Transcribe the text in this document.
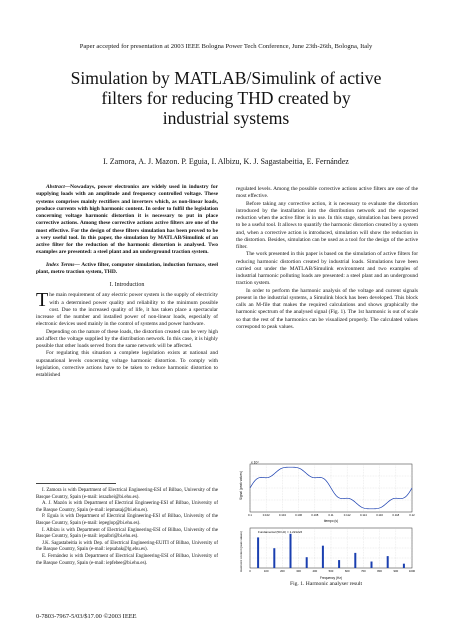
Paper accepted for presentation at 2003 IEEE Bologna Power Tech Conference, June 23th-26th, Bologna, Italy
Simulation by MATLAB/Simulink of active
filters for reducing THD created by
industrial systems
I. Zamora, A. J. Mazon. P. Eguia, I. Albizu, K. J. Sagastabeitia, E. Fernández

Abstract—Nowadays, power electronics are widely used in industry for supplying loads with an amplitude and frequency controlled voltage. These systems comprises mainly rectifiers and inverters which, as non-linear loads, produce currents with high harmonic content. In order to fulfil the legislation concerning voltage harmonic distortion it is necessary to put in place corrective actions. Among these corrective actions active filters are one of the most effective. For the design of these filters simulation has been proved to be a very useful tool. In this paper, the simulation by MATLAB/Simulink of an active filter for the reduction of the harmonic distortion is analysed. Two examples are presented: a steel plant and an underground traction system.

Index Terms— Active filter, computer simulation, induction furnace, steel plant, metro traction system, THD.

I. Introduction

The main requirement of any electric power system is the supply of electricity with a determined power quality and reliability to the minimum possible cost. Due to the increased quality of life, it has taken place a spectacular increase of the number and installed power of non-linear loads, especially of electronic devices used mainly in the control of systems and power hardware.

Depending on the nature of these loads, the distortion created can be very high and affect the voltage supplied by the distribution network. In this case, it is highly possible that other loads served from the same network will be affected.

For regulating this situation a complete legislation exists at national and supranational levels concerning voltage harmonic distortion. To comply with legislation, corrective actions have to be taken to reduce harmonic distortion to established

I. Zamora is with Department of Electrical Engineering-ESI of Bilbao, University of the Basque Country, Spain (e-mail: iezazhei@bi.ehu.es).

A. J. Mazón is with Department of Electrical Engineering-ESI of Bilbao, University of the Basque Country, Spain (e-mail: iepmasaj@bi.ehu.es).

P. Eguía is with Department of Electrical Engineering-ESI of Bilbao, University of the Basque Country, Spain (e-mail: iepeglop@bi.ehu.es).

I. Albizu is with Department of Electrical Engineering-ESI of Bilbao, University of the Basque Country, Spain (e-mail: iepalbri@bi.ehu.es).

J.K. Sagastabeitia is with Dep. of Electrical Engineering-EUITI of Bilbao, University of the Basque Country, Spain (e-mail: iepsabak@lg.ehu.es).

E. Fernández is with Department of Electrical Engineering-ESI of Bilbao, University of the Basque Country, Spain (e-mail: iepfebee@bi.ehu.es).

0-7803-7967-5/03/$17.00 ©2003 IEEE

regulated levels. Among the possible corrective actions active filters are one of the most effective.

Before taking any corrective action, it is necessary to evaluate the distortion introduced by the installation into the distribution network and the expected reduction when the active filter is in use. In this stage, simulation has been proved to be a useful tool. It allows to quantify the harmonic distortion created by a system and, when a corrective action is introduced, simulation will show the reduction in the distortion. Besides, simulation can be used as a tool for the design of the active filter.

The work presented in this paper is based on the simulation of active filters for reducing harmonic distortion created by industrial loads. Simulations have been carried out under the MATLAB/Simulink environment and two examples of industrial harmonic polluting loads are presented: a steel plant and an underground traction system.

In order to perform the harmonic analysis of the voltage and current signals present in the industrial systems, a Simulink block has been developed. This block calls an M-file that makes the required calculations and shows graphically the harmonic spectrum of the analysed signal (Fig. 1). The 1st harmonic is out of scale so that the rest of the harmonics can be visualized properly. The calculated values correspond to peak values.

x 10⁴
Signal (peak values)
0.1	0.102	0.104	0.106	0.108	0.11	0.112	0.114	0.116	0.118	0.12
tiempo (s)
Fundamental (50 Hz) = 1.2212e5
Harmonic content (peak values) 0	100	200	300	400	500	600	700	800	900	1000
Frequency (Hz)
Fig. 1. Harmonic analyser result
